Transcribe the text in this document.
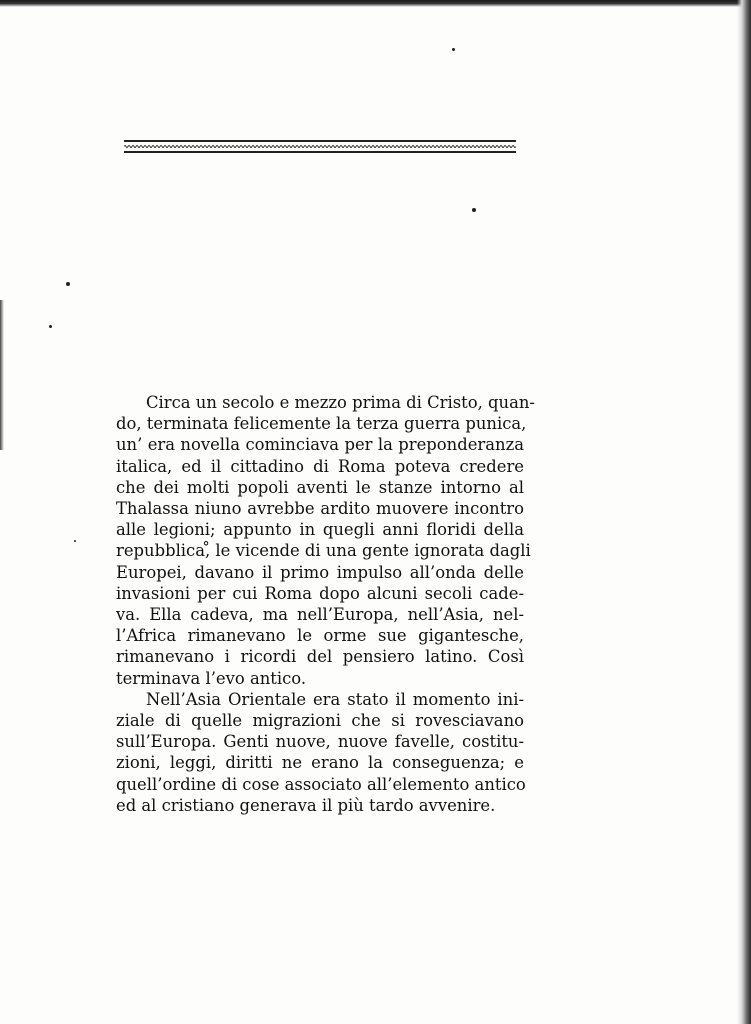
Circa un secolo e mezzo prima di Cristo, quan-
do, terminata felicemente la terza guerra punica,
un’ era novella cominciava per la preponderanza
italica, ed il cittadino di Roma poteva credere
che dei molti popoli aventi le stanze intorno al
Thalassa niuno avrebbe ardito muovere incontro
alle legioni; appunto in quegli anni floridi della
repubblica,̊ le vicende di una gente ignorata dagli
Europei, davano il primo impulso all’onda delle
invasioni per cui Roma dopo alcuni secoli cade-
va. Ella cadeva, ma nell’Europa, nell’Asia, nel-
l’Africa rimanevano le orme sue gigantesche,
rimanevano i ricordi del pensiero latino. Così
terminava l’evo antico.

Nell’Asia Orientale era stato il momento ini-
ziale di quelle migrazioni che si rovesciavano
sull’Europa. Genti nuove, nuove favelle, costitu-
zioni, leggi, diritti ne erano la conseguenza; e
quell’ordine di cose associato all’elemento antico
ed al cristiano generava il più tardo avvenire.
